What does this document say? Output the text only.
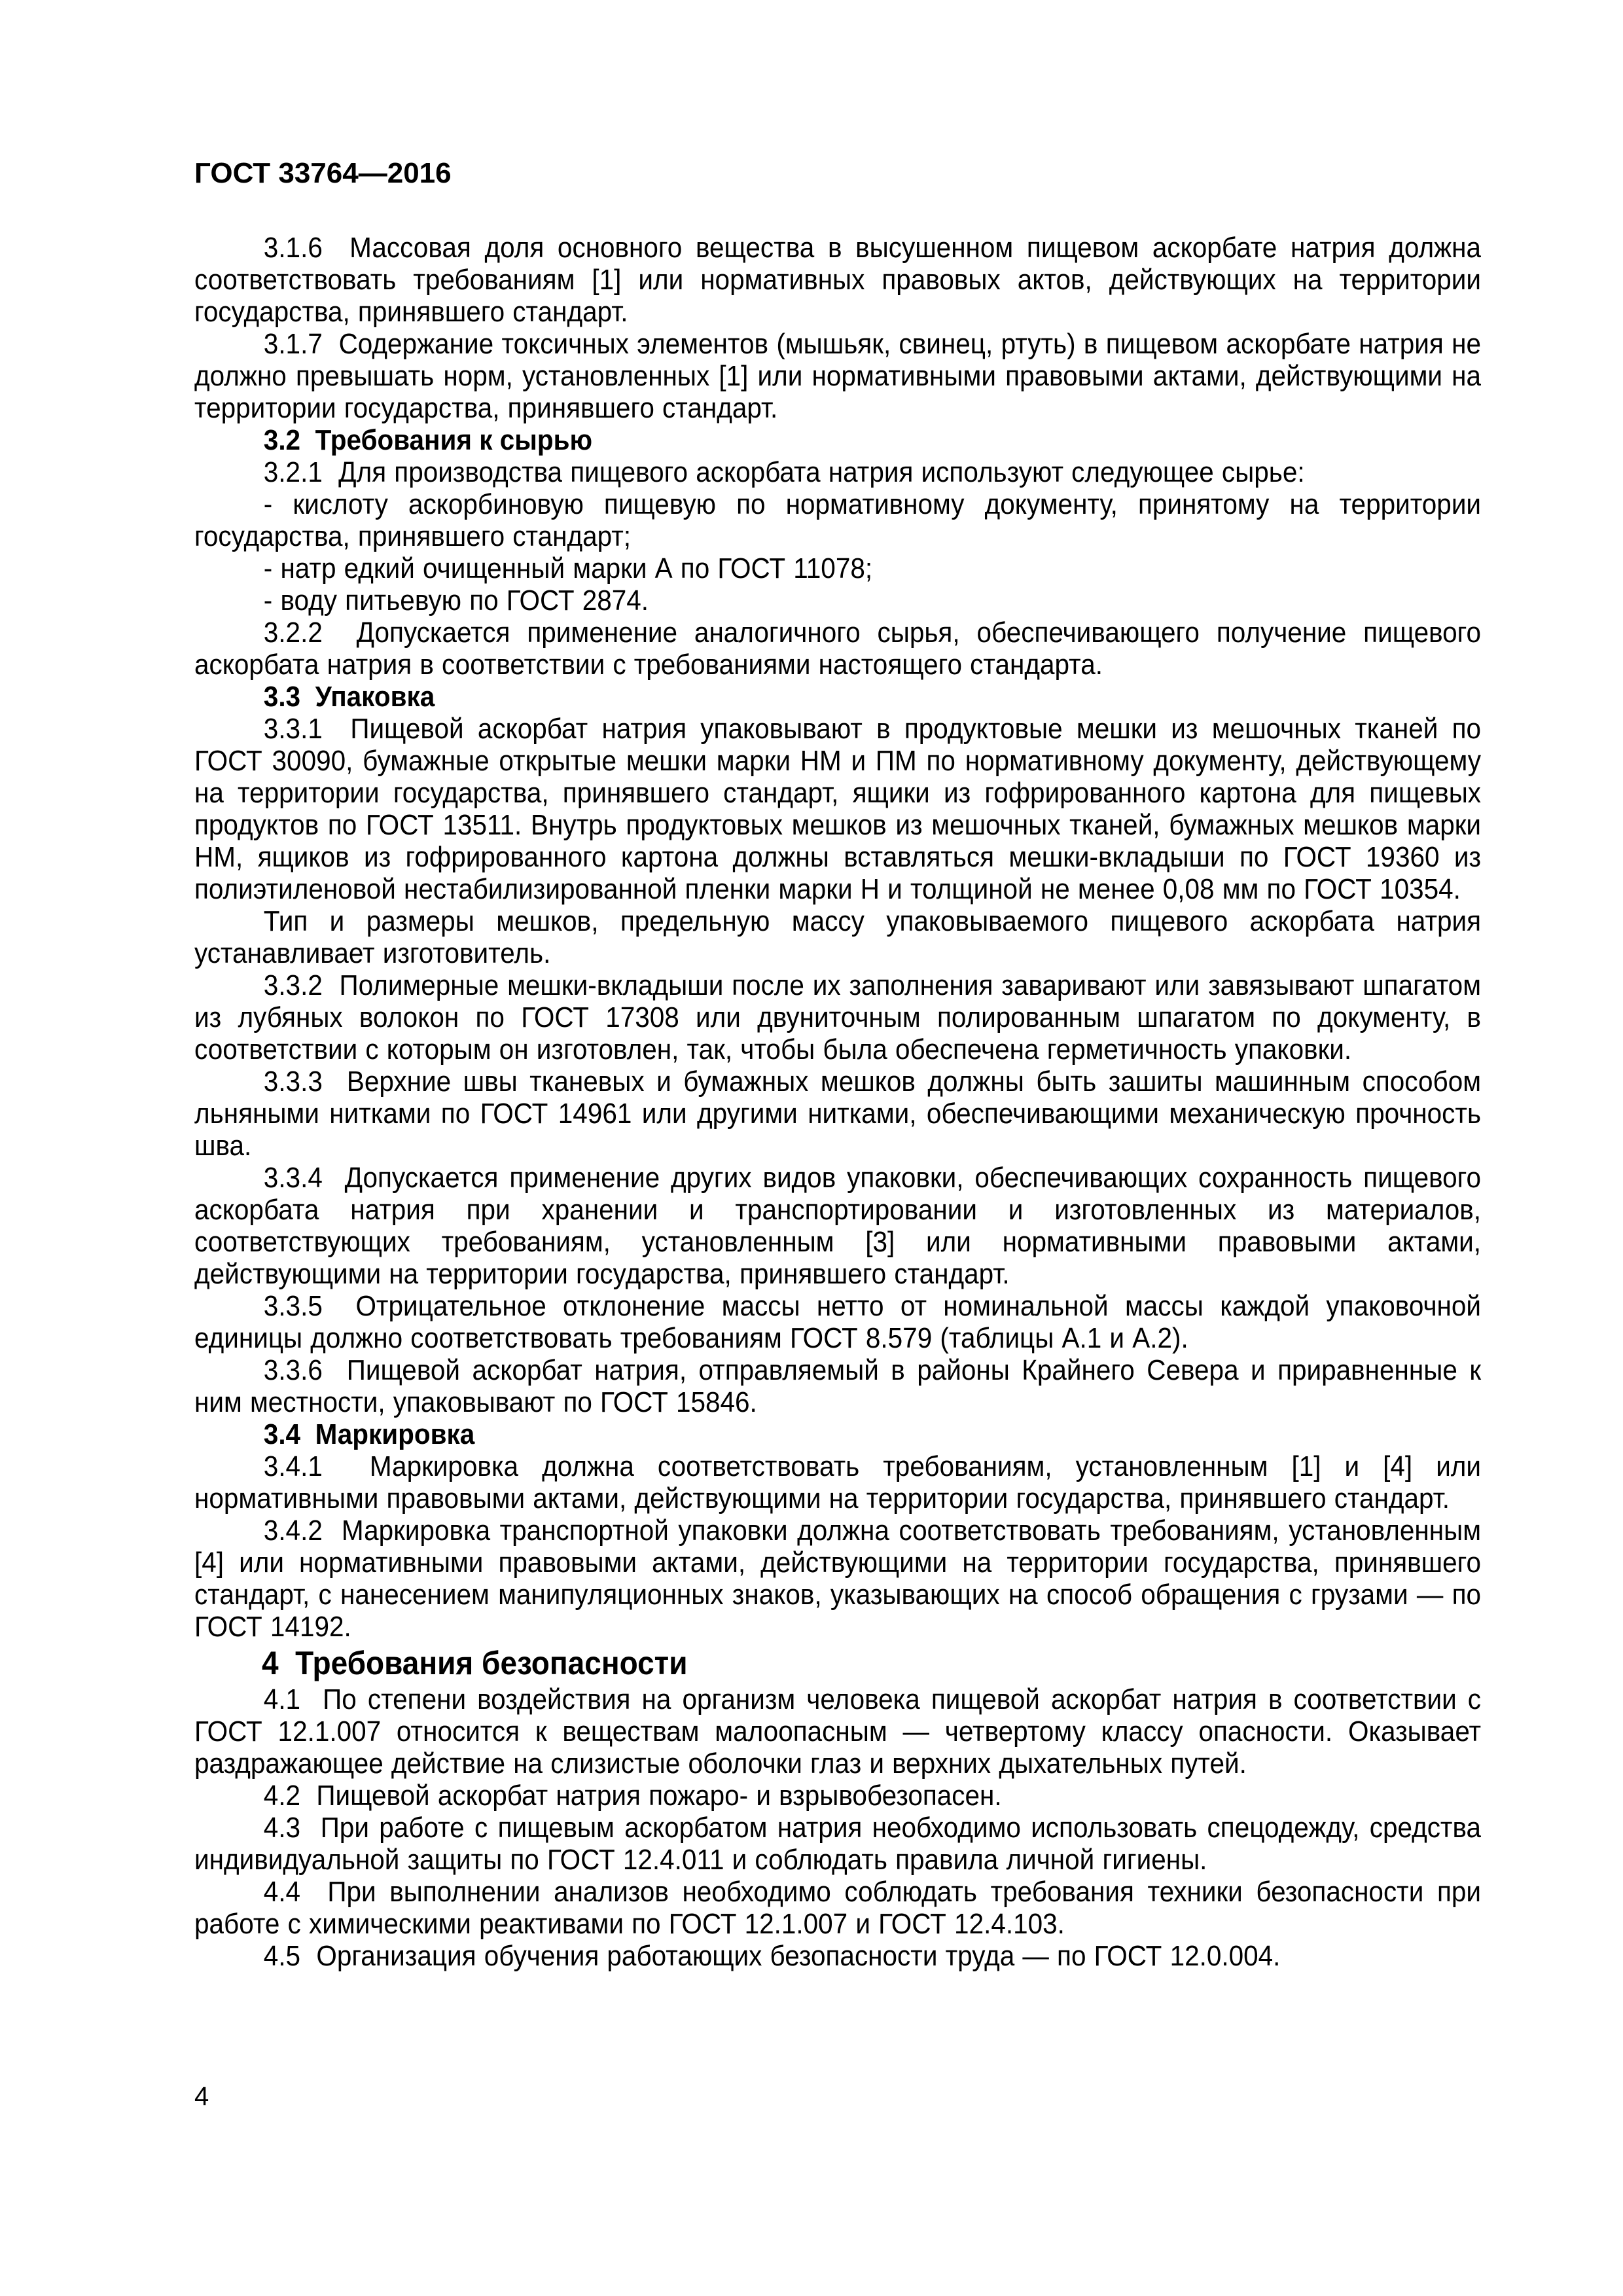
ГОСТ 33764—2016

3.1.6  Массовая доля основного вещества в высушенном пищевом аскорбате натрия должна соответствовать требованиям [1] или нормативных правовых актов, действующих на территории государства, принявшего стандарт.

3.1.7  Содержание токсичных элементов (мышьяк, свинец, ртуть) в пищевом аскорбате натрия не должно превышать норм, установленных [1] или нормативными правовыми актами, действующими на территории государства, принявшего стандарт.

3.2  Требования к сырью

3.2.1  Для производства пищевого аскорбата натрия используют следующее сырье:

- кислоту аскорбиновую пищевую по нормативному документу, принятому на территории государства, принявшего стандарт;

- натр едкий очищенный марки А по ГОСТ 11078;

- воду питьевую по ГОСТ 2874.

3.2.2  Допускается применение аналогичного сырья, обеспечивающего получение пищевого аскорбата натрия в соответствии с требованиями настоящего стандарта.

3.3  Упаковка

3.3.1  Пищевой аскорбат натрия упаковывают в продуктовые мешки из мешочных тканей по ГОСТ 30090, бумажные открытые мешки марки НМ и ПМ по нормативному документу, действующему на территории государства, принявшего стандарт, ящики из гофрированного картона для пищевых продуктов по ГОСТ 13511. Внутрь продуктовых мешков из мешочных тканей, бумажных мешков марки НМ, ящиков из гофрированного картона должны вставляться мешки-вкладыши по ГОСТ 19360 из полиэтиленовой нестабилизированной пленки марки Н и толщиной не менее 0,08 мм по ГОСТ 10354.

Тип и размеры мешков, предельную массу упаковываемого пищевого аскорбата натрия устанавливает изготовитель.

3.3.2  Полимерные мешки-вкладыши после их заполнения заваривают или завязывают шпагатом из лубяных волокон по ГОСТ 17308 или двуниточным полированным шпагатом по документу, в соответствии с которым он изготовлен, так, чтобы была обеспечена герметичность упаковки.

3.3.3  Верхние швы тканевых и бумажных мешков должны быть зашиты машинным способом льняными нитками по ГОСТ 14961 или другими нитками, обеспечивающими механическую прочность шва.

3.3.4  Допускается применение других видов упаковки, обеспечивающих сохранность пищевого аскорбата натрия при хранении и транспортировании и изготовленных из материалов, соответствующих требованиям, установленным [3] или нормативными правовыми актами, действующими на территории государства, принявшего стандарт.

3.3.5  Отрицательное отклонение массы нетто от номинальной массы каждой упаковочной единицы должно соответствовать требованиям ГОСТ 8.579 (таблицы А.1 и А.2).

3.3.6  Пищевой аскорбат натрия, отправляемый в районы Крайнего Севера и приравненные к ним местности, упаковывают по ГОСТ 15846.

3.4  Маркировка

3.4.1  Маркировка должна соответствовать требованиям, установленным [1] и [4] или нормативными правовыми актами, действующими на территории государства, принявшего стандарт.

3.4.2  Маркировка транспортной упаковки должна соответствовать требованиям, установленным [4] или нормативными правовыми актами, действующими на территории государства, принявшего стандарт, с нанесением манипуляционных знаков, указывающих на способ обращения с грузами — по ГОСТ 14192.

4  Требования безопасности

4.1  По степени воздействия на организм человека пищевой аскорбат натрия в соответствии с ГОСТ 12.1.007 относится к веществам малоопасным — четвертому классу опасности. Оказывает раздражающее действие на слизистые оболочки глаз и верхних дыхательных путей.

4.2  Пищевой аскорбат натрия пожаро- и взрывобезопасен.

4.3  При работе с пищевым аскорбатом натрия необходимо использовать спецодежду, средства индивидуальной защиты по ГОСТ 12.4.011 и соблюдать правила личной гигиены.

4.4  При выполнении анализов необходимо соблюдать требования техники безопасности при работе с химическими реактивами по ГОСТ 12.1.007 и ГОСТ 12.4.103.

4.5  Организация обучения работающих безопасности труда — по ГОСТ 12.0.004.

4
